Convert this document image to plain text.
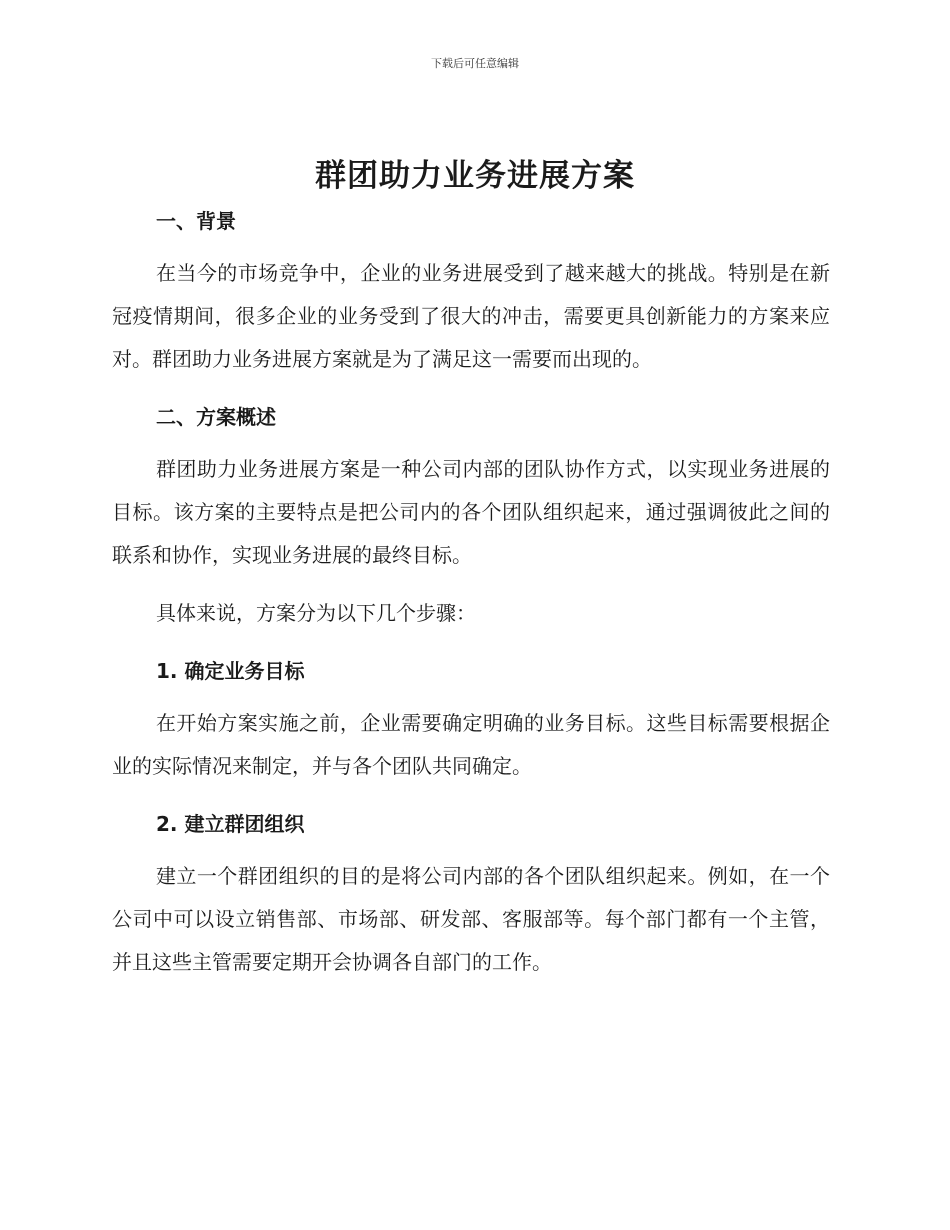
下载后可任意编辑
群团助力业务进展方案
一、背景

在当今的市场竞争中，企业的业务进展受到了越来越大的挑战。特别是在新冠疫情期间，很多企业的业务受到了很大的冲击，需要更具创新能力的方案来应对。群团助力业务进展方案就是为了满足这一需要而出现的。

二、方案概述

群团助力业务进展方案是一种公司内部的团队协作方式，以实现业务进展的目标。该方案的主要特点是把公司内的各个团队组织起来，通过强调彼此之间的联系和协作，实现业务进展的最终目标。

具体来说，方案分为以下几个步骤：

1. 确定业务目标

在开始方案实施之前，企业需要确定明确的业务目标。这些目标需要根据企业的实际情况来制定，并与各个团队共同确定。

2. 建立群团组织

建立一个群团组织的目的是将公司内部的各个团队组织起来。例如，在一个公司中可以设立销售部、市场部、研发部、客服部等。每个部门都有一个主管，并且这些主管需要定期开会协调各自部门的工作。
